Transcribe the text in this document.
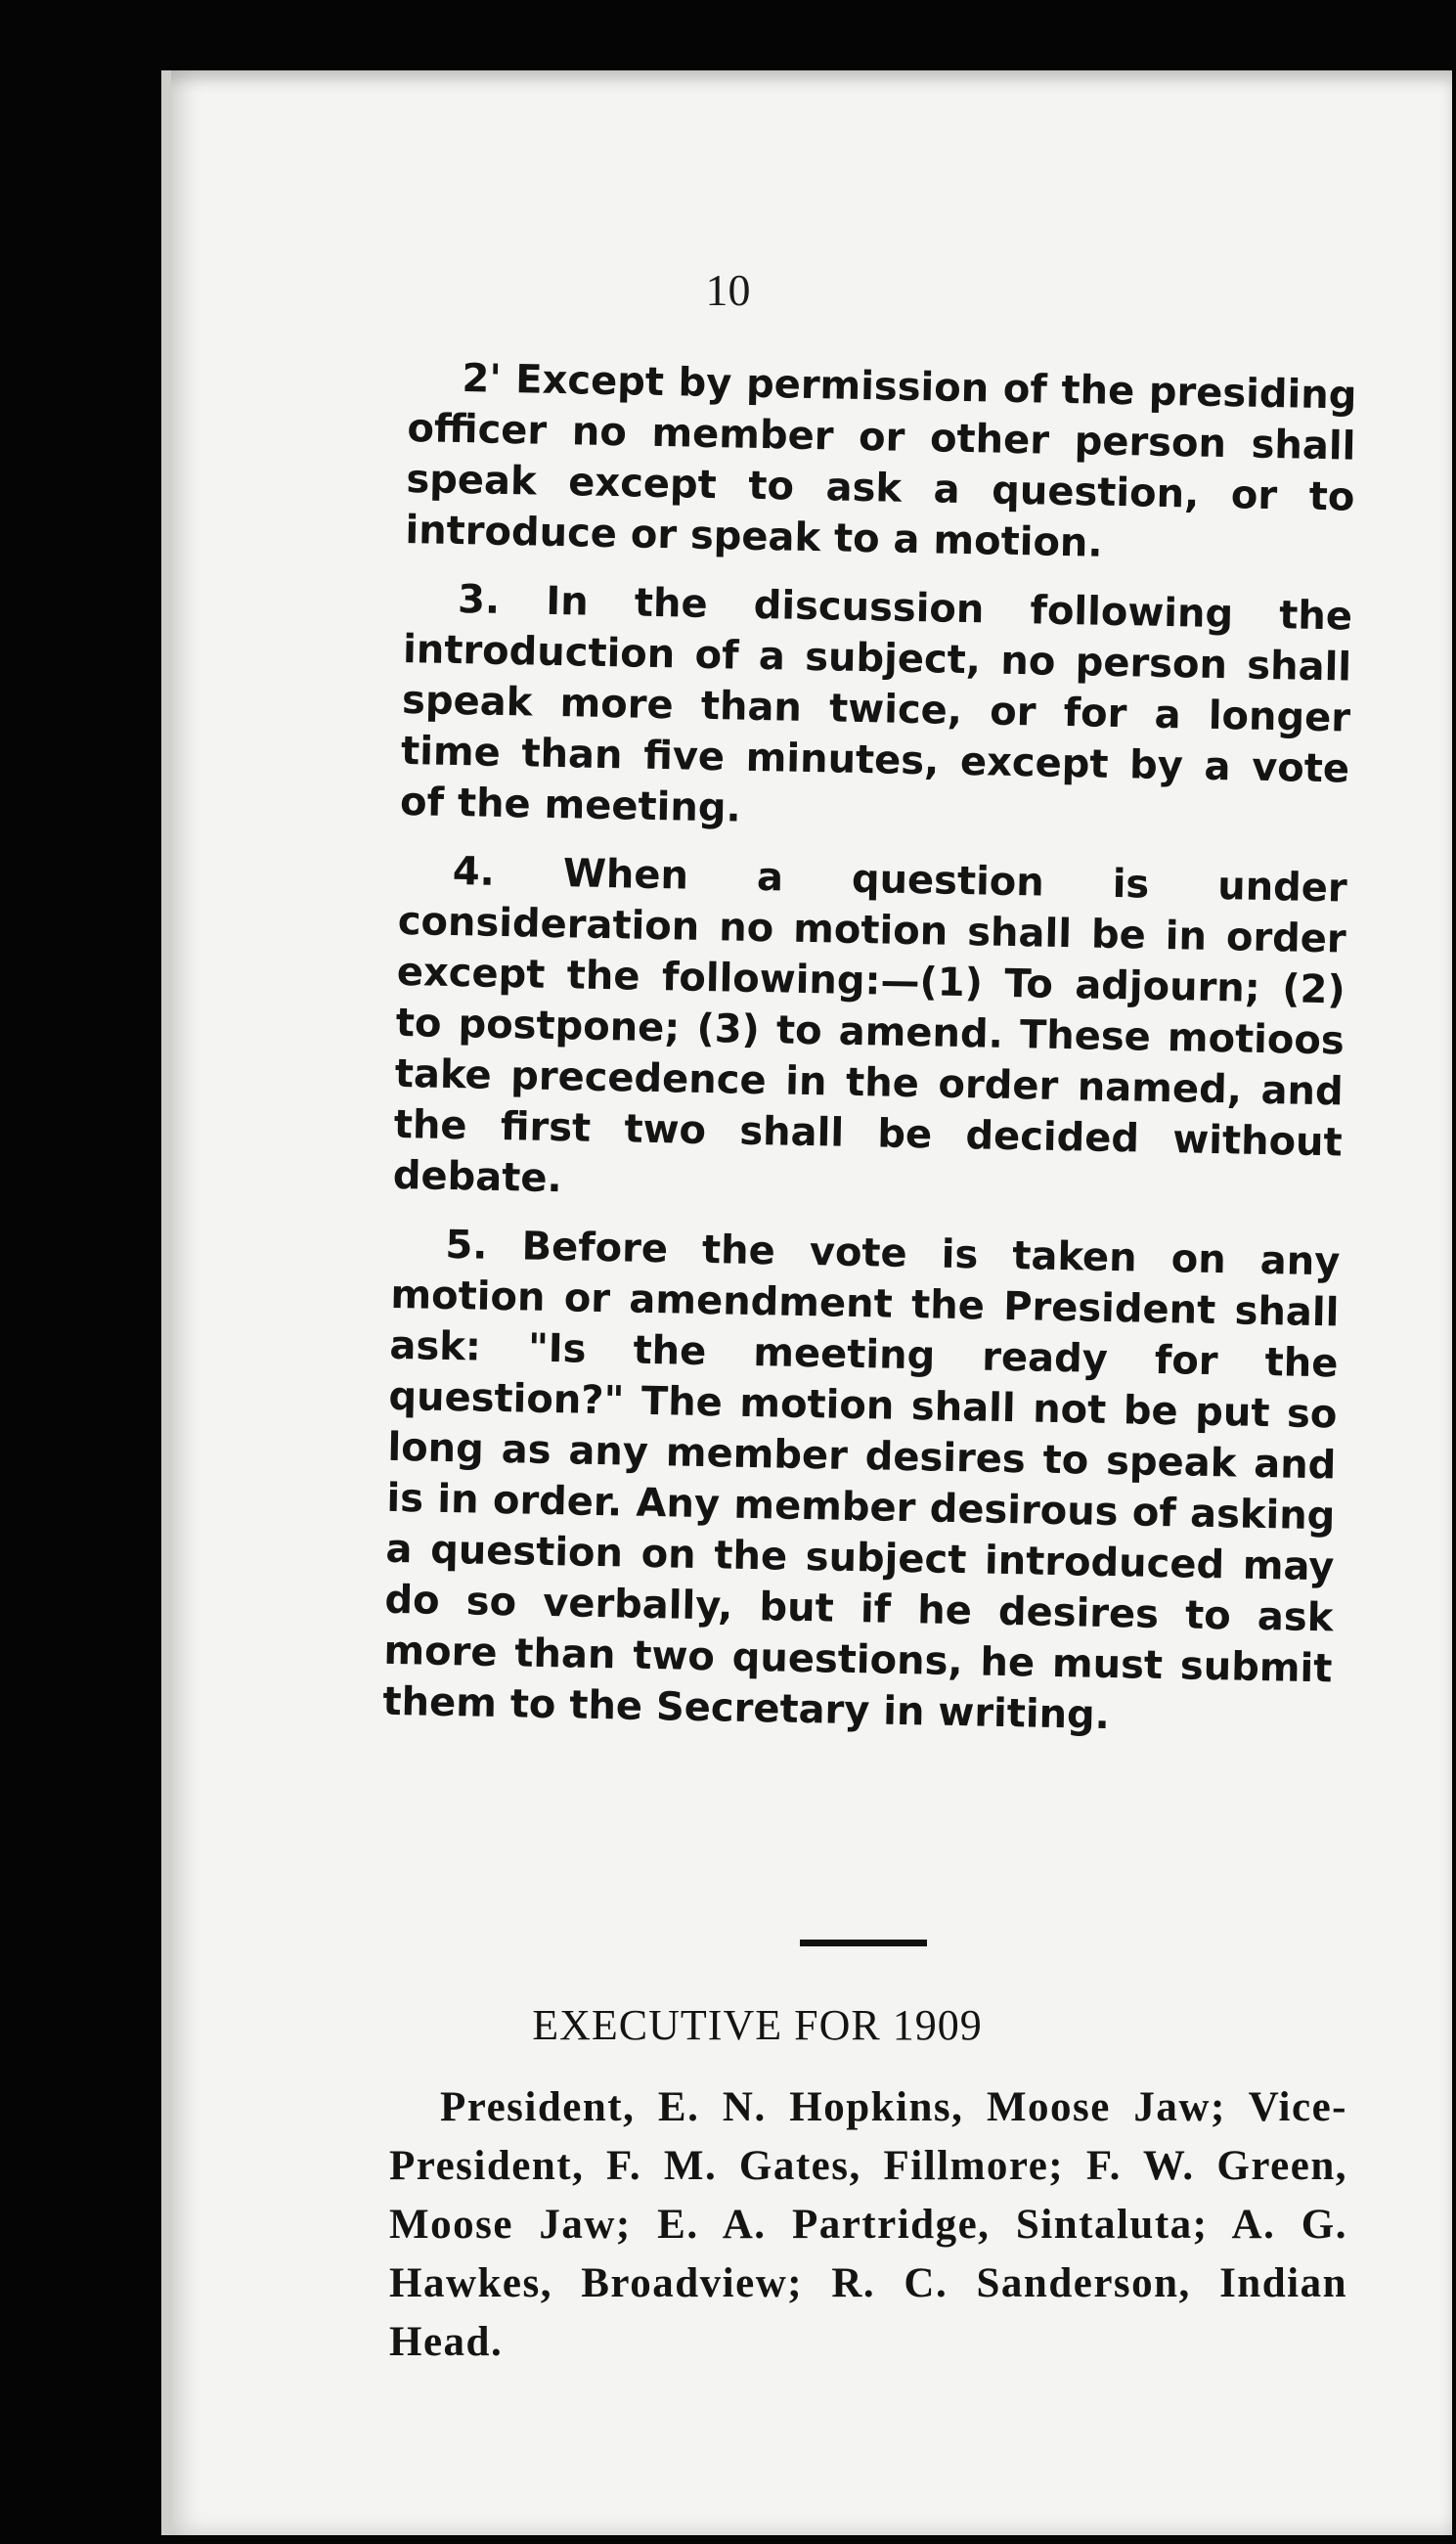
10

2' Except by permission of the presiding officer no member or other person shall speak except to ask a question, or to introduce or speak to a motion.

3. In the discussion following the introduction of a subject, no person shall speak more than twice, or for a longer time than five minutes, except by a vote of the meeting.

4. When a question is under consideration no motion shall be in order except the following:—(1) To adjourn; (2) to postpone; (3) to amend. These motioos take precedence in the order named, and the first two shall be decided without debate.

5. Before the vote is taken on any motion or amendment the President shall ask: "Is the meeting ready for the question?" The motion shall not be put so long as any member desires to speak and is in order. Any member desirous of asking a question on the subject introduced may do so verbally, but if he desires to ask more than two questions, he must submit them to the Secretary in writing.

EXECUTIVE FOR 1909
President, E. N. Hopkins, Moose Jaw; Vice-President, F. M. Gates, Fillmore; F. W. Green, Moose Jaw; E. A. Partridge, Sintaluta; A. G. Hawkes, Broadview; R. C. Sanderson, Indian Head.
